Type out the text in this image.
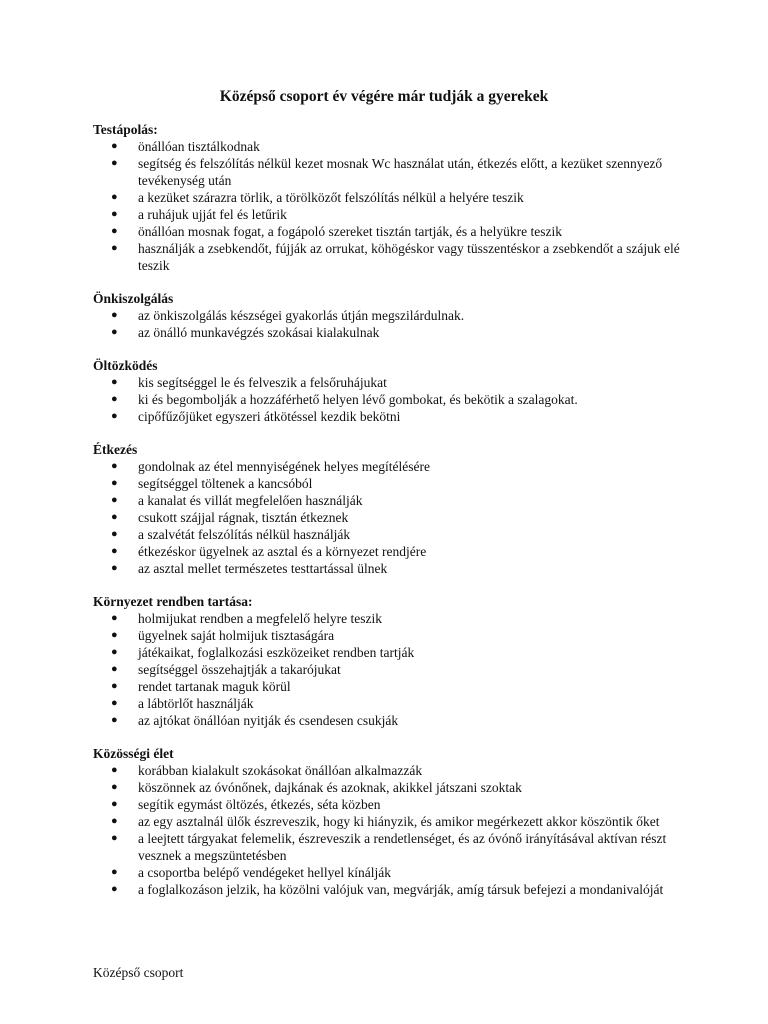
Középső csoport év végére már tudják a gyerekek

Testápolás:

● önállóan tisztálkodnak
● segítség és felszólítás nélkül kezet mosnak Wc használat után, étkezés előtt, a kezüket szennyező tevékenység után
● a kezüket szárazra törlik, a törölközőt felszólítás nélkül a helyére teszik
● a ruhájuk ujját fel és letűrik
● önállóan mosnak fogat, a fogápoló szereket tisztán tartják, és a helyükre teszik
● használják a zsebkendőt, fújják az orrukat, köhögéskor vagy tüsszentéskor a zsebkendőt a szájuk elé teszik

Önkiszolgálás

● az önkiszolgálás készségei gyakorlás útján megszilárdulnak.
● az önálló munkavégzés szokásai kialakulnak

Öltözködés

● kis segítséggel le és felveszik a felsőruhájukat
● ki és begombolják a hozzáférhető helyen lévő gombokat, és bekötik a szalagokat.
● cipőfűzőjüket egyszeri átkötéssel kezdik bekötni

Étkezés

● gondolnak az étel mennyiségének helyes megítélésére
● segítséggel töltenek a kancsóból
● a kanalat és villát megfelelően használják
● csukott szájjal rágnak, tisztán étkeznek
● a szalvétát felszólítás nélkül használják
● étkezéskor ügyelnek az asztal és a környezet rendjére
● az asztal mellet természetes testtartással ülnek

Környezet rendben tartása:

● holmijukat rendben a megfelelő helyre teszik
● ügyelnek saját holmijuk tisztaságára
● játékaikat, foglalkozási eszközeiket rendben tartják
● segítséggel összehajtják a takarójukat
● rendet tartanak maguk körül
● a lábtörlőt használják
● az ajtókat önállóan nyitják és csendesen csukják

Közösségi élet

● korábban kialakult szokásokat önállóan alkalmazzák
● köszönnek az óvónőnek, dajkának és azoknak, akikkel játszani szoktak
● segítik egymást öltözés, étkezés, séta közben
● az egy asztalnál ülők észreveszik, hogy ki hiányzik, és amikor megérkezett akkor köszöntik őket
● a leejtett tárgyakat felemelik, észreveszik a rendetlenséget, és az óvónő irányításával aktívan részt vesznek a megszüntetésben
● a csoportba belépő vendégeket hellyel kínálják
● a foglalkozáson jelzik, ha közölni valójuk van, megvárják, amíg társuk befejezi a mondanivalóját

Középső csoport
